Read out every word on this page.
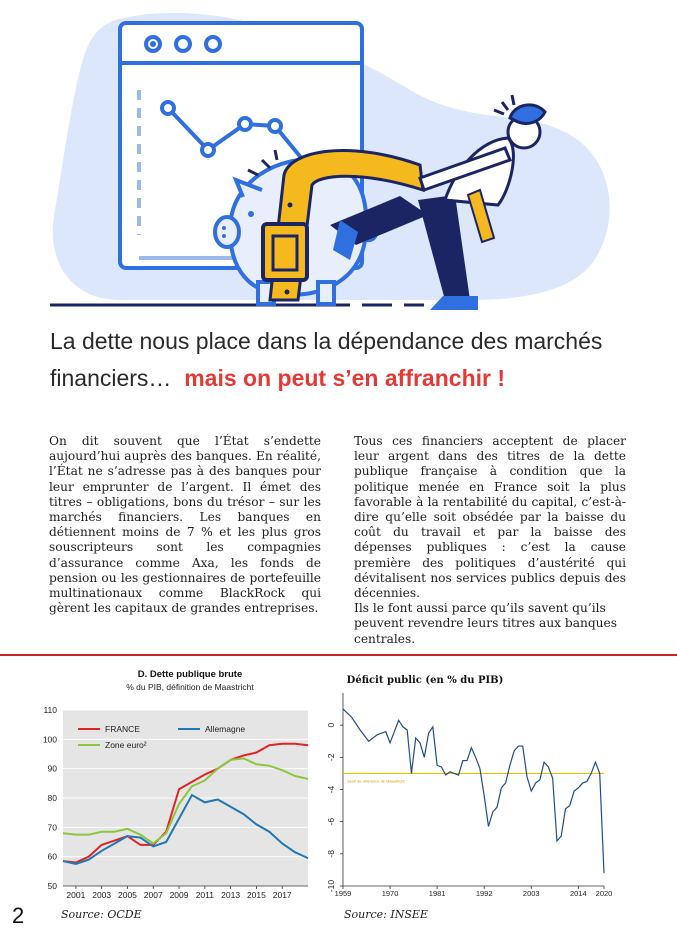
La dette nous place dans la dépendance des marchés financiers… mais on peut s’en affranchir !

On dit souvent que l’État s’endette aujourd’hui auprès des banques. En réalité, l’État ne s’adresse pas à des banques pour leur emprunter de l’argent. Il émet des titres – obligations, bons du trésor – sur les marchés financiers. Les banques en détiennent moins de 7 % et les plus gros souscripteurs sont les compagnies d’assurance comme Axa, les fonds de pension ou les gestionnaires de portefeuille multinationaux comme BlackRock qui gèrent les capitaux de grandes entreprises.

Tous ces financiers acceptent de placer leur argent dans des titres de la dette publique française à condition que la politique menée en France soit la plus favorable à la rentabilité du capital, c’est-à-dire qu’elle soit obsédée par la baisse du coût du travail et par la baisse des dépenses publiques : c’est la cause première des politiques d’austérité qui dévitalisent nos services publics depuis des décennies.

Ils le font aussi parce qu’ils savent qu’ils peuvent revendre leurs titres aux banques centrales.

D. Dette publique brute
% du PIB, définition de Maastricht
50
60
70
80
90
100
110
2001 2003 2005 2007 2009 2011 2013 2015 2017
FRANCE	Allemagne
Zone euro²
Déficit public (en % du PIB)
0
-2
-4
-6
-8
-10
1959	1970	1981	1992	2003	2014 2020
Seuil de référence de Maastricht
Source: OCDE	Source: INSEE
2
